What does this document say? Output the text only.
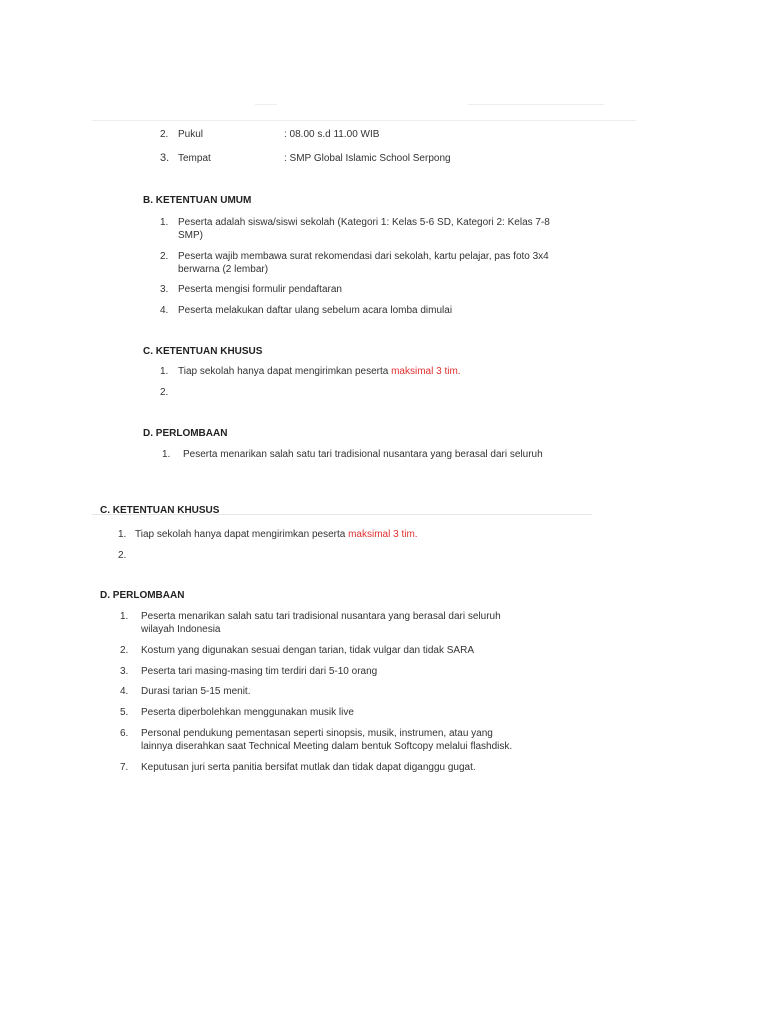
2. Pukul	: 08.00 s.d 11.00 WIB
3. Tempat	: SMP Global Islamic School Serpong
B. KETENTUAN UMUM
1. Peserta adalah siswa/siswi sekolah (Kategori 1: Kelas 5-6 SD, Kategori 2: Kelas 7-8
SMP)
2. Peserta wajib membawa surat rekomendasi dari sekolah, kartu pelajar, pas foto 3x4
berwarna (2 lembar)
3. Peserta mengisi formulir pendaftaran
4. Peserta melakukan daftar ulang sebelum acara lomba dimulai
C. KETENTUAN KHUSUS
1. Tiap sekolah hanya dapat mengirimkan peserta maksimal 3 tim.
2.
D. PERLOMBAAN
1. Peserta menarikan salah satu tari tradisional nusantara yang berasal dari seluruh
C. KETENTUAN KHUSUS
1. Tiap sekolah hanya dapat mengirimkan peserta maksimal 3 tim.
2.
D. PERLOMBAAN
1. Peserta menarikan salah satu tari tradisional nusantara yang berasal dari seluruh
wilayah Indonesia
2. Kostum yang digunakan sesuai dengan tarian, tidak vulgar dan tidak SARA
3. Peserta tari masing-masing tim terdiri dari 5-10 orang
4. Durasi tarian 5-15 menit.
5. Peserta diperbolehkan menggunakan musik live
6. Personal pendukung pementasan seperti sinopsis, musik, instrumen, atau yang
lainnya diserahkan saat Technical Meeting dalam bentuk Softcopy melalui flashdisk.
7. Keputusan juri serta panitia bersifat mutlak dan tidak dapat diganggu gugat.
